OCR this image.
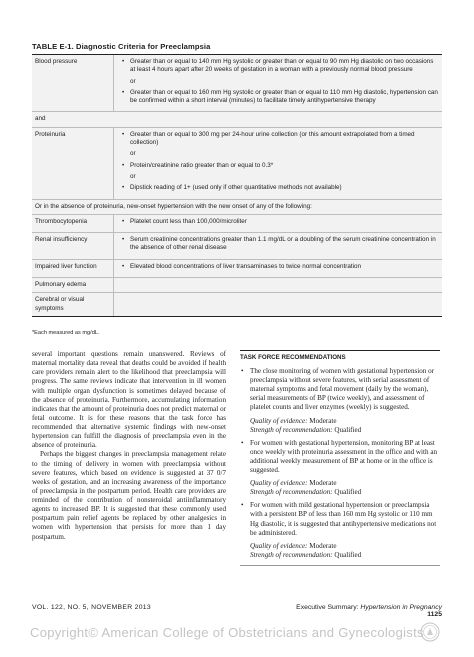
TABLE E-1. Diagnostic Criteria for Preeclampsia
Blood pressure	• Greater than or equal to 140 mm Hg systolic or greater than or equal to 90 mm Hg diastolic on two occasions at least 4 hours apart after 20 weeks of gestation in a woman with a previously normal blood pressure
or
• Greater than or equal to 160 mm Hg systolic or greater than or equal to 110 mm Hg diastolic, hypertension can be confirmed within a short interval (minutes) to facilitate timely antihypertensive therapy
and
Proteinuria	• Greater than or equal to 300 mg per 24-hour urine collection (or this amount extrapolated from a timed collection)
or
• Protein/creatinine ratio greater than or equal to 0.3*
or
• Dipstick reading of 1+ (used only if other quantitative methods not available)
Or in the absence of proteinuria, new-onset hypertension with the new onset of any of the following:
Thrombocytopenia	• Platelet count less than 100,000/microliter
Renal insufficiency	• Serum creatinine concentrations greater than 1.1 mg/dL or a doubling of the serum creatinine concentration in the absence of other renal disease
Impaired liver function	• Elevated blood concentrations of liver transaminases to twice normal concentration
Pulmonary edema
Cerebral or visual symptoms
*Each measured as mg/dL.

several important questions remain unanswered. Reviews of maternal mortality data reveal that deaths could be avoided if health care providers remain alert to the likelihood that preeclampsia will progress. The same reviews indicate that intervention in ill women with multiple organ dysfunction is sometimes delayed because of the absence of proteinuria. Furthermore, accumulating information indicates that the amount of proteinuria does not predict maternal or fetal outcome. It is for these reasons that the task force has recommended that alternative systemic findings with new-onset hypertension can fulfill the diagnosis of preeclampsia even in the absence of proteinuria.

Perhaps the biggest changes in preeclampsia management relate to the timing of delivery in women with preeclampsia without severe features, which based on evidence is suggested at 37 0/7 weeks of gestation, and an increasing awareness of the importance of preeclampsia in the postpartum period. Health care providers are reminded of the contribution of nonsteroidal antiinflammatory agents to increased BP. It is suggested that these commonly used postpartum pain relief agents be replaced by other analgesics in women with hypertension that persists for more than 1 day postpartum.

TASK FORCE RECOMMENDATIONS
• The close monitoring of women with gestational hypertension or preeclampsia without severe features, with serial assessment of maternal symptoms and fetal movement (daily by the woman), serial measurements of BP (twice weekly), and assessment of platelet counts and liver enzymes (weekly) is suggested.

Quality of evidence: Moderate

Strength of recommendation: Qualified

• For women with gestational hypertension, monitoring BP at least once weekly with proteinuria assessment in the office and with an additional weekly measurement of BP at home or in the office is suggested.

Quality of evidence: Moderate

Strength of recommendation: Qualified

• For women with mild gestational hypertension or preeclampsia with a persistent BP of less than 160 mm Hg systolic or 110 mm Hg diastolic, it is suggested that antihypertensive medications not be administered.

Quality of evidence: Moderate

Strength of recommendation: Qualified

VOL. 122, NO. 5, NOVEMBER 2013	Executive Summary: Hypertension in Pregnancy 1125
Copyright© American College of Obstetricians and Gynecologists
